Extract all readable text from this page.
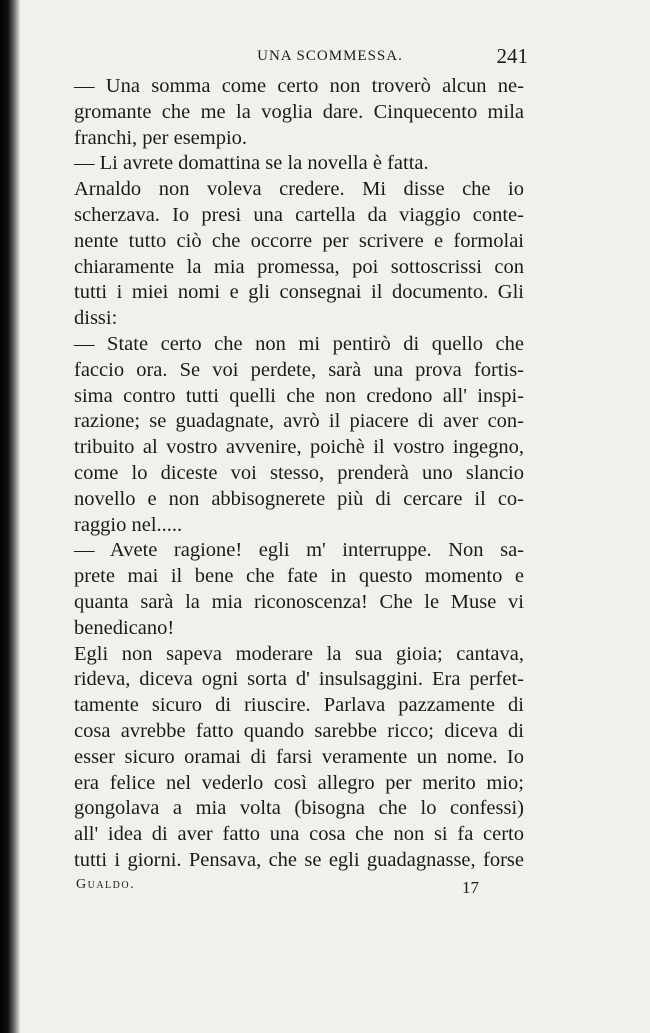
UNA SCOMMESSA.	241
— Una somma come certo non troverò alcun ne-
gromante che me la voglia dare. Cinquecento mila
franchi, per esempio.
— Li avrete domattina se la novella è fatta.
Arnaldo non voleva credere. Mi disse che io
scherzava. Io presi una cartella da viaggio conte-
nente tutto ciò che occorre per scrivere e formolai
chiaramente la mia promessa, poi sottoscrissi con
tutti i miei nomi e gli consegnai il documento. Gli
dissi:
— State certo che non mi pentirò di quello che
faccio ora. Se voi perdete, sarà una prova fortis-
sima contro tutti quelli che non credono all' inspi-
razione; se guadagnate, avrò il piacere di aver con-
tribuito al vostro avvenire, poichè il vostro ingegno,
come lo diceste voi stesso, prenderà uno slancio
novello e non abbisognerete più di cercare il co-
raggio nel.....
— Avete ragione! egli m' interruppe. Non sa-
prete mai il bene che fate in questo momento e
quanta sarà la mia riconoscenza! Che le Muse vi
benedicano!
Egli non sapeva moderare la sua gioia; cantava,
rideva, diceva ogni sorta d' insulsaggini. Era perfet-
tamente sicuro di riuscire. Parlava pazzamente di
cosa avrebbe fatto quando sarebbe ricco; diceva di
esser sicuro oramai di farsi veramente un nome. Io
era felice nel vederlo così allegro per merito mio;
gongolava a mia volta (bisogna che lo confessi)
all' idea di aver fatto una cosa che non si fa certo
tutti i giorni. Pensava, che se egli guadagnasse, forse
Gualdo.	17
